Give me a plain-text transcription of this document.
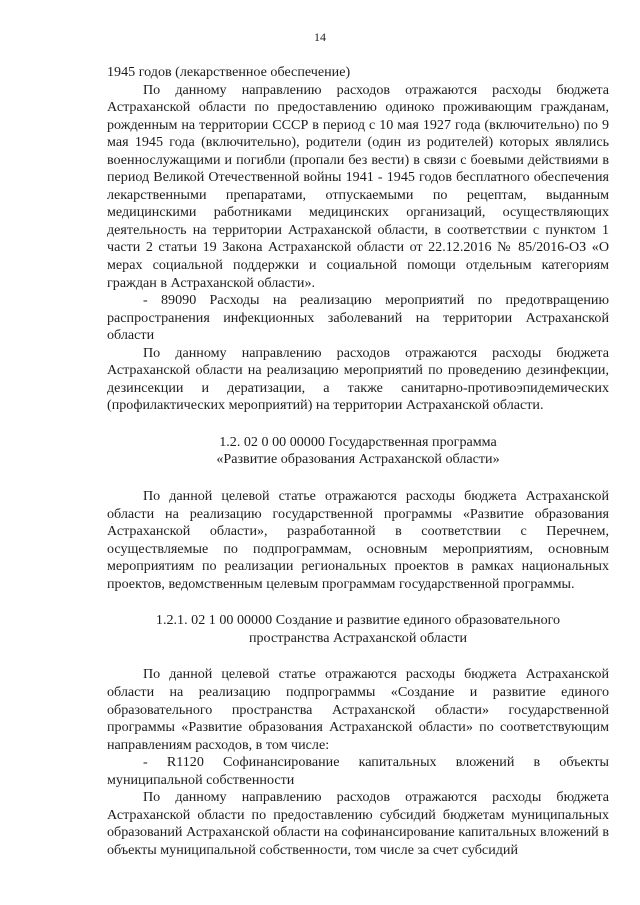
14

1945 годов (лекарственное обеспечение)

По данному направлению расходов отражаются расходы бюджета Астраханской области по предоставлению одиноко проживающим гражданам, рожденным на территории СССР в период с 10 мая 1927 года (включительно) по 9 мая 1945 года (включительно), родители (один из родителей) которых являлись военнослужащими и погибли (пропали без вести) в связи с боевыми действиями в период Великой Отечественной войны 1941 - 1945 годов бесплатного обеспечения лекарственными препаратами, отпускаемыми по рецептам, выданным медицинскими работниками медицинских организаций, осуществляющих деятельность на территории Астраханской области, в соответствии с пунктом 1 части 2 статьи 19 Закона Астраханской области от 22.12.2016 № 85/2016-ОЗ «О мерах социальной поддержки и социальной помощи отдельным категориям граждан в Астраханской области».

- 89090 Расходы на реализацию мероприятий по предотвращению распространения инфекционных заболеваний на территории Астраханской области

По данному направлению расходов отражаются расходы бюджета Астраханской области на реализацию мероприятий по проведению дезинфекции, дезинсекции и дератизации, а также санитарно-противоэпидемических (профилактических мероприятий) на территории Астраханской области.

1.2. 02 0 00 00000 Государственная программа
«Развитие образования Астраханской области»

По данной целевой статье отражаются расходы бюджета Астраханской области на реализацию государственной программы «Развитие образования Астраханской области», разработанной в соответствии с Перечнем, осуществляемые по подпрограммам, основным мероприятиям, основным мероприятиям по реализации региональных проектов в рамках национальных проектов, ведомственным целевым программам государственной программы.

1.2.1. 02 1 00 00000 Создание и развитие единого образовательного
пространства Астраханской области

По данной целевой статье отражаются расходы бюджета Астраханской области на реализацию подпрограммы «Создание и развитие единого образовательного пространства Астраханской области» государственной программы «Развитие образования Астраханской области» по соответствующим направлениям расходов, в том числе:

- R1120 Софинансирование капитальных вложений в объекты муниципальной собственности

По данному направлению расходов отражаются расходы бюджета Астраханской области по предоставлению субсидий бюджетам муниципальных образований Астраханской области на софинансирование капитальных вложений в объекты муниципальной собственности, том числе за счет субсидий
